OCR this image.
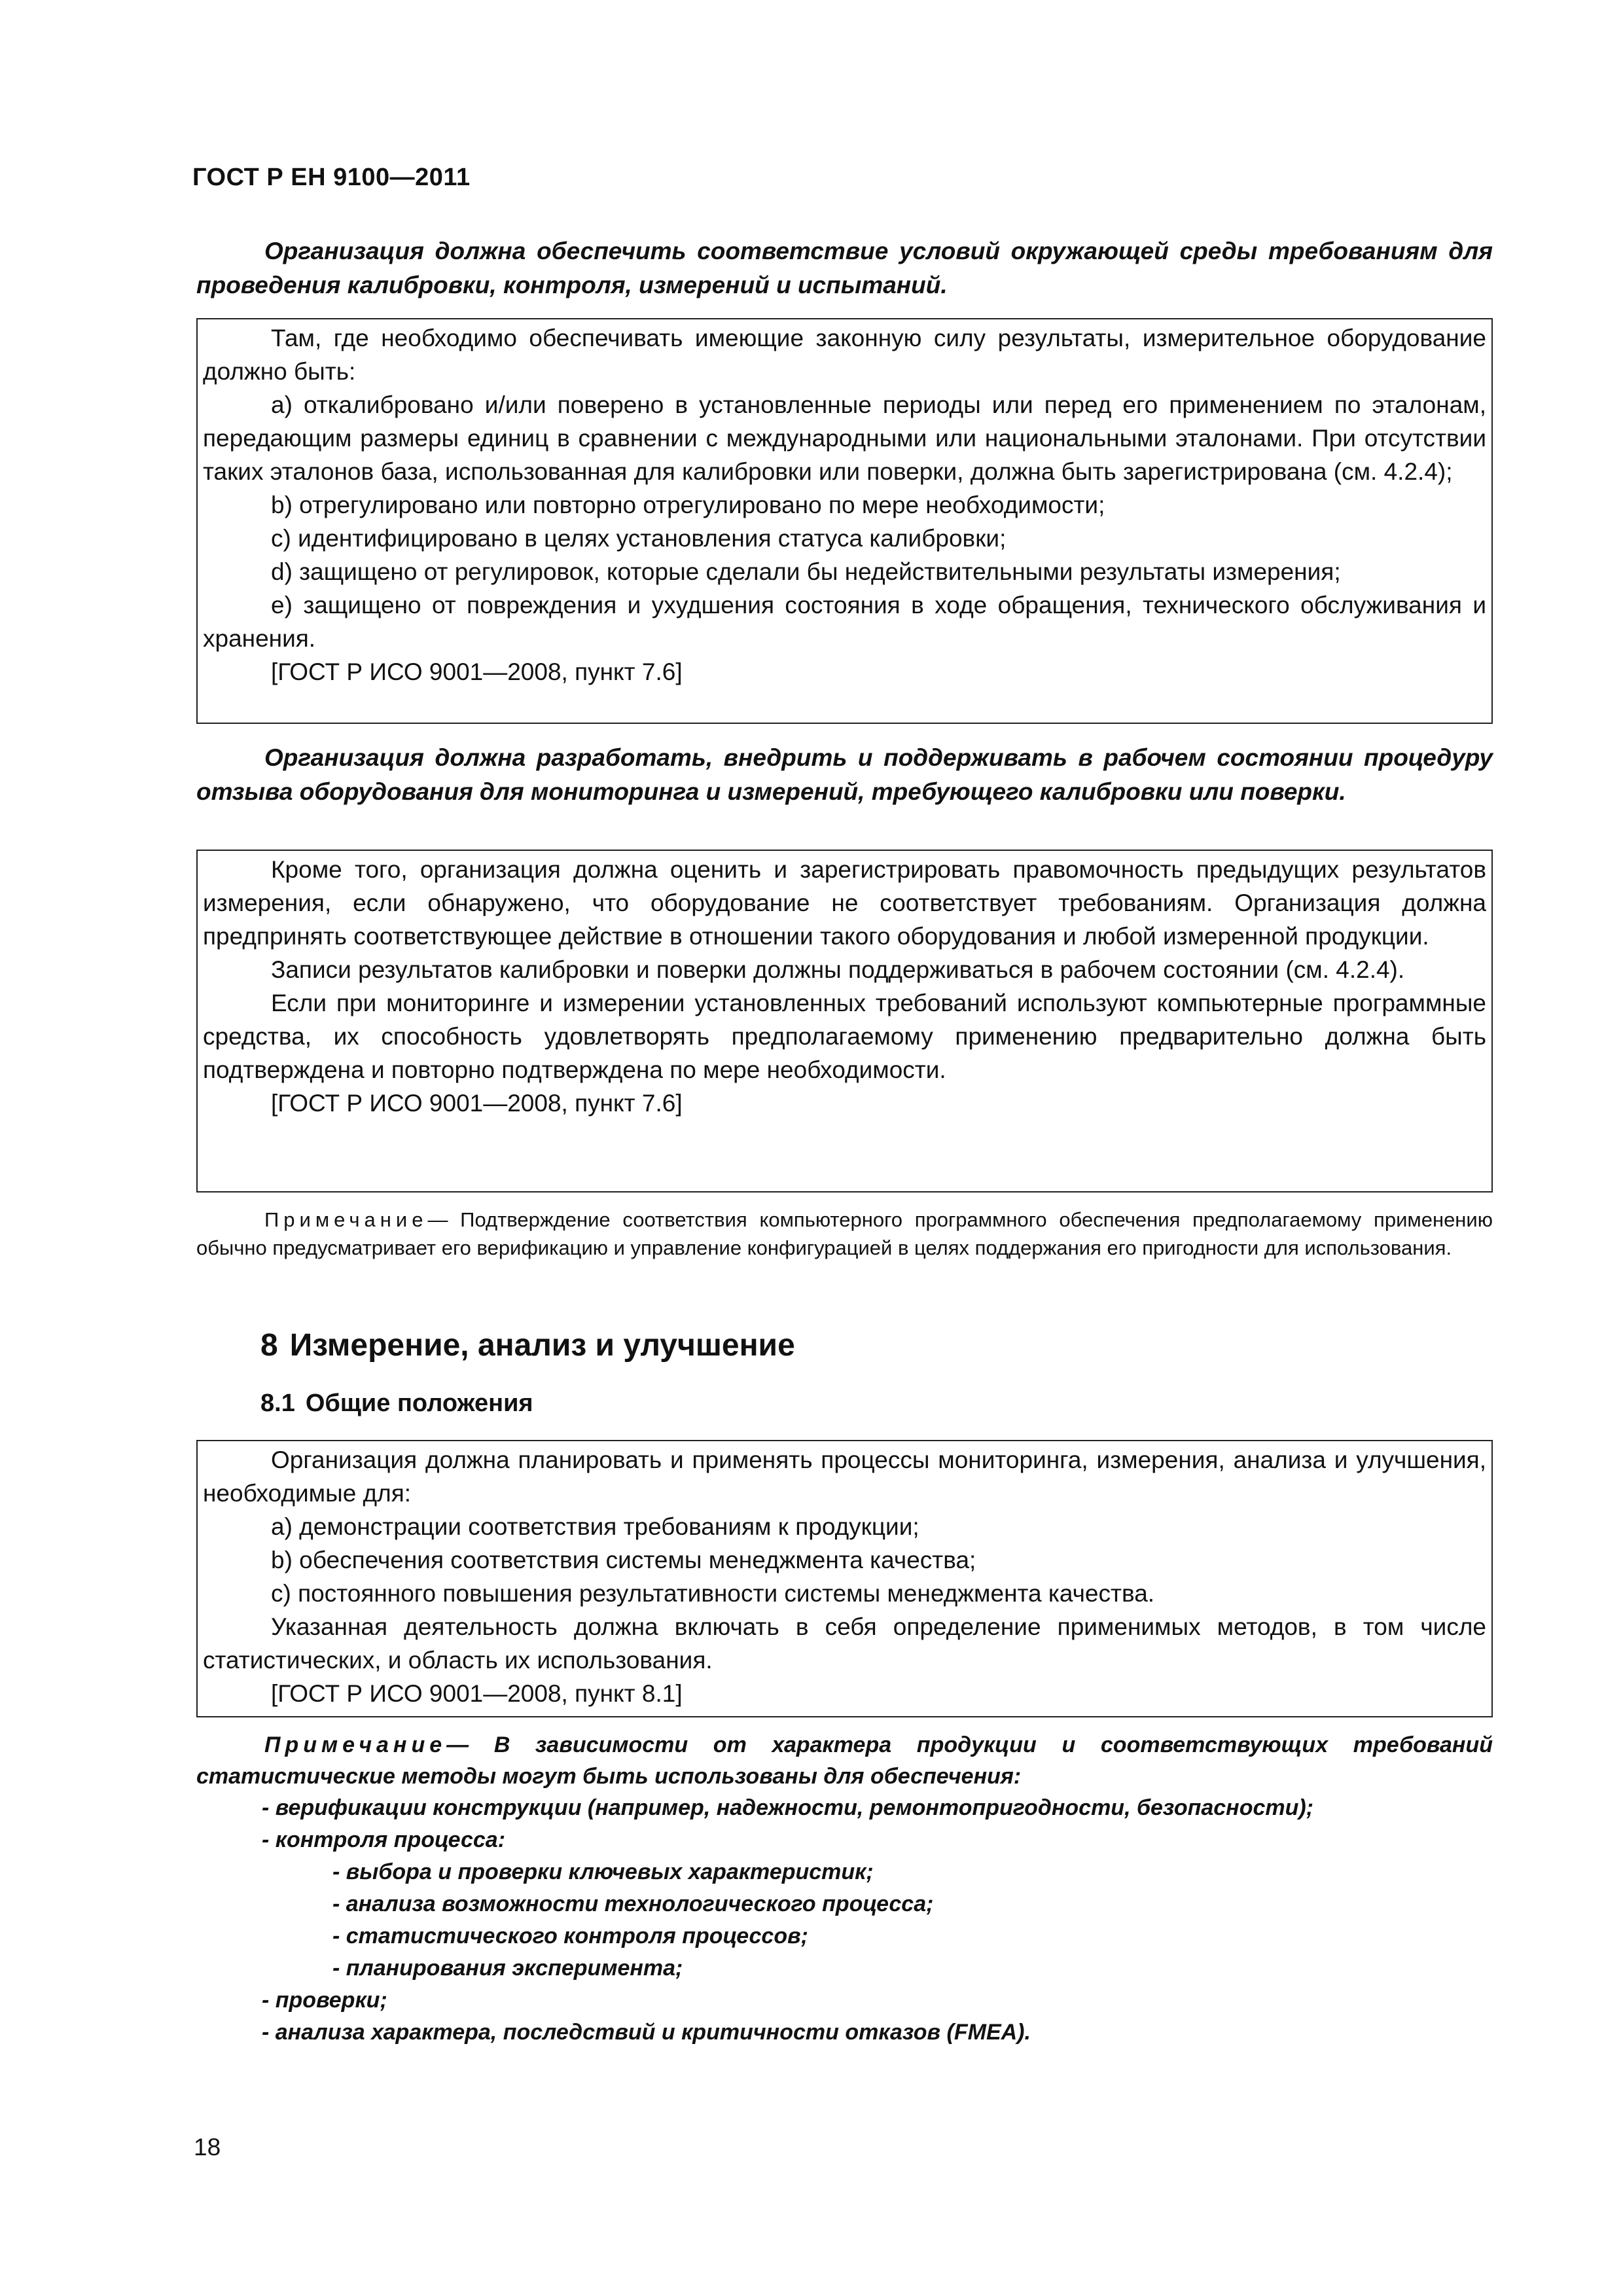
ГОСТ Р ЕН 9100—2011

Организация должна обеспечить соответствие условий окружающей среды требованиям для проведения калибровки, контроля, измерений и испытаний.

Там, где необходимо обеспечивать имеющие законную силу результаты, измерительное оборудование должно быть:

а) откалибровано и/или поверено в установленные периоды или перед его применением по эталонам, передающим размеры единиц в сравнении с международными или национальными эталонами. При отсутствии таких эталонов база, использованная для калибровки или поверки, должна быть зарегистрирована (см. 4.2.4);

b) отрегулировано или повторно отрегулировано по мере необходимости;

c) идентифицировано в целях установления статуса калибровки;

d) защищено от регулировок, которые сделали бы недействительными результаты измерения;

e) защищено от повреждения и ухудшения состояния в ходе обращения, технического обслуживания и хранения.

[ГОСТ Р ИСО 9001—2008, пункт 7.6]

Организация должна разработать, внедрить и поддерживать в рабочем состоянии процедуру отзыва оборудования для мониторинга и измерений, требующего калибровки или поверки.

Кроме того, организация должна оценить и зарегистрировать правомочность предыдущих результатов измерения, если обнаружено, что оборудование не соответствует требованиям. Организация должна предпринять соответствующее действие в отношении такого оборудования и любой измеренной продукции.

Записи результатов калибровки и поверки должны поддерживаться в рабочем состоянии (см. 4.2.4).

Если при мониторинге и измерении установленных требований используют компьютерные программные средства, их способность удовлетворять предполагаемому применению предварительно должна быть подтверждена и повторно подтверждена по мере необходимости.

[ГОСТ Р ИСО 9001—2008, пункт 7.6]

Примечание— Подтверждение соответствия компьютерного программного обеспечения предполагаемому применению обычно предусматривает его верификацию и управление конфигурацией в целях поддержания его пригодности для использования.

8 Измерение, анализ и улучшение
8.1 Общие положения

Организация должна планировать и применять процессы мониторинга, измерения, анализа и улучшения, необходимые для:

а) демонстрации соответствия требованиям к продукции;

b) обеспечения соответствия системы менеджмента качества;

c) постоянного повышения результативности системы менеджмента качества.

Указанная деятельность должна включать в себя определение применимых методов, в том числе статистических, и область их использования.

[ГОСТ Р ИСО 9001—2008, пункт 8.1]

Примечание— В зависимости от характера продукции и соответствующих требований статистические методы могут быть использованы для обеспечения:

- верификации конструкции (например, надежности, ремонтопригодности, безопасности);
- контроля процесса:
- выбора и проверки ключевых характеристик;
- анализа возможности технологического процесса;
- статистического контроля процессов;
- планирования эксперимента;
- проверки;
- анализа характера, последствий и критичности отказов (FMEA).
18
